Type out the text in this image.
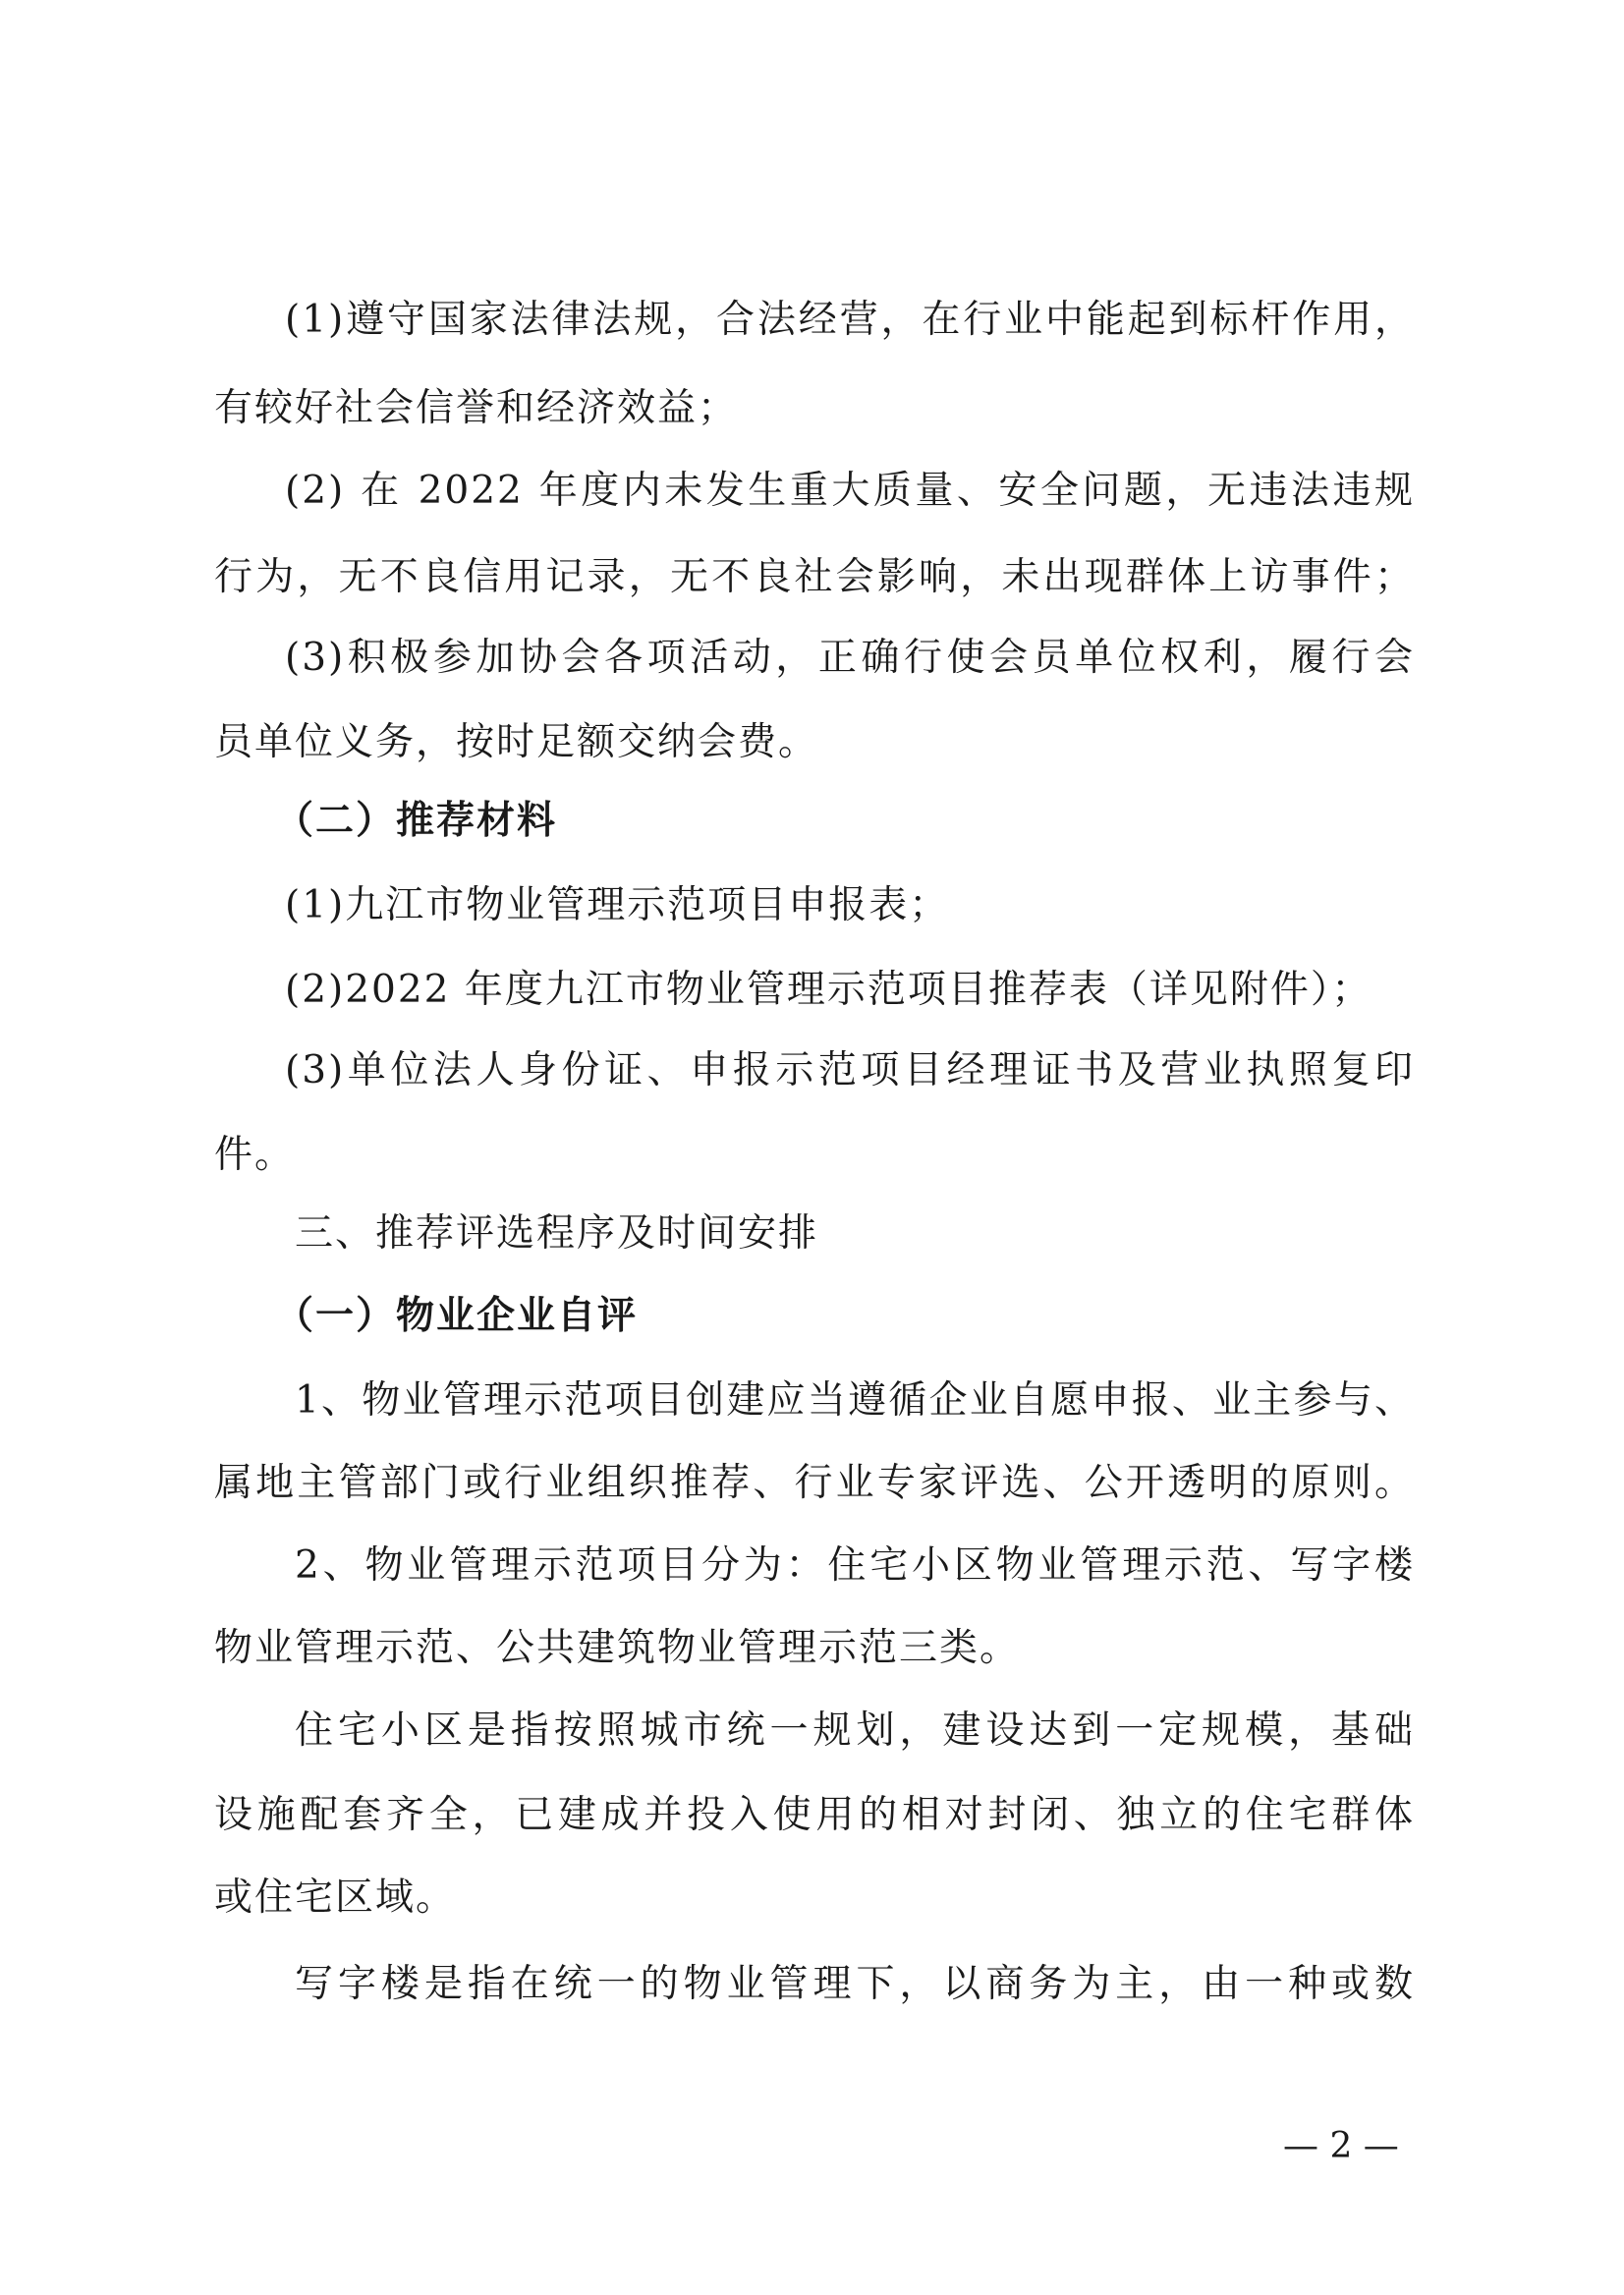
(1)遵守国家法律法规，合法经营，在行业中能起到标杆作用，
有较好社会信誉和经济效益；
(2) 在 2022 年度内未发生重大质量、安全问题，无违法违规
行为，无不良信用记录，无不良社会影响，未出现群体上访事件；
(3)积极参加协会各项活动，正确行使会员单位权利，履行会
员单位义务，按时足额交纳会费。
（二）推荐材料
(1)九江市物业管理示范项目申报表；
(2)2022 年度九江市物业管理示范项目推荐表（详见附件）；
(3)单位法人身份证、申报示范项目经理证书及营业执照复印
件。
三、推荐评选程序及时间安排
（一）物业企业自评
1、物业管理示范项目创建应当遵循企业自愿申报、业主参与、
属地主管部门或行业组织推荐、行业专家评选、公开透明的原则。
2、物业管理示范项目分为：住宅小区物业管理示范、写字楼
物业管理示范、公共建筑物业管理示范三类。
住宅小区是指按照城市统一规划，建设达到一定规模，基础
设施配套齐全，已建成并投入使用的相对封闭、独立的住宅群体
或住宅区域。
写字楼是指在统一的物业管理下，以商务为主，由一种或数
— 2 —
